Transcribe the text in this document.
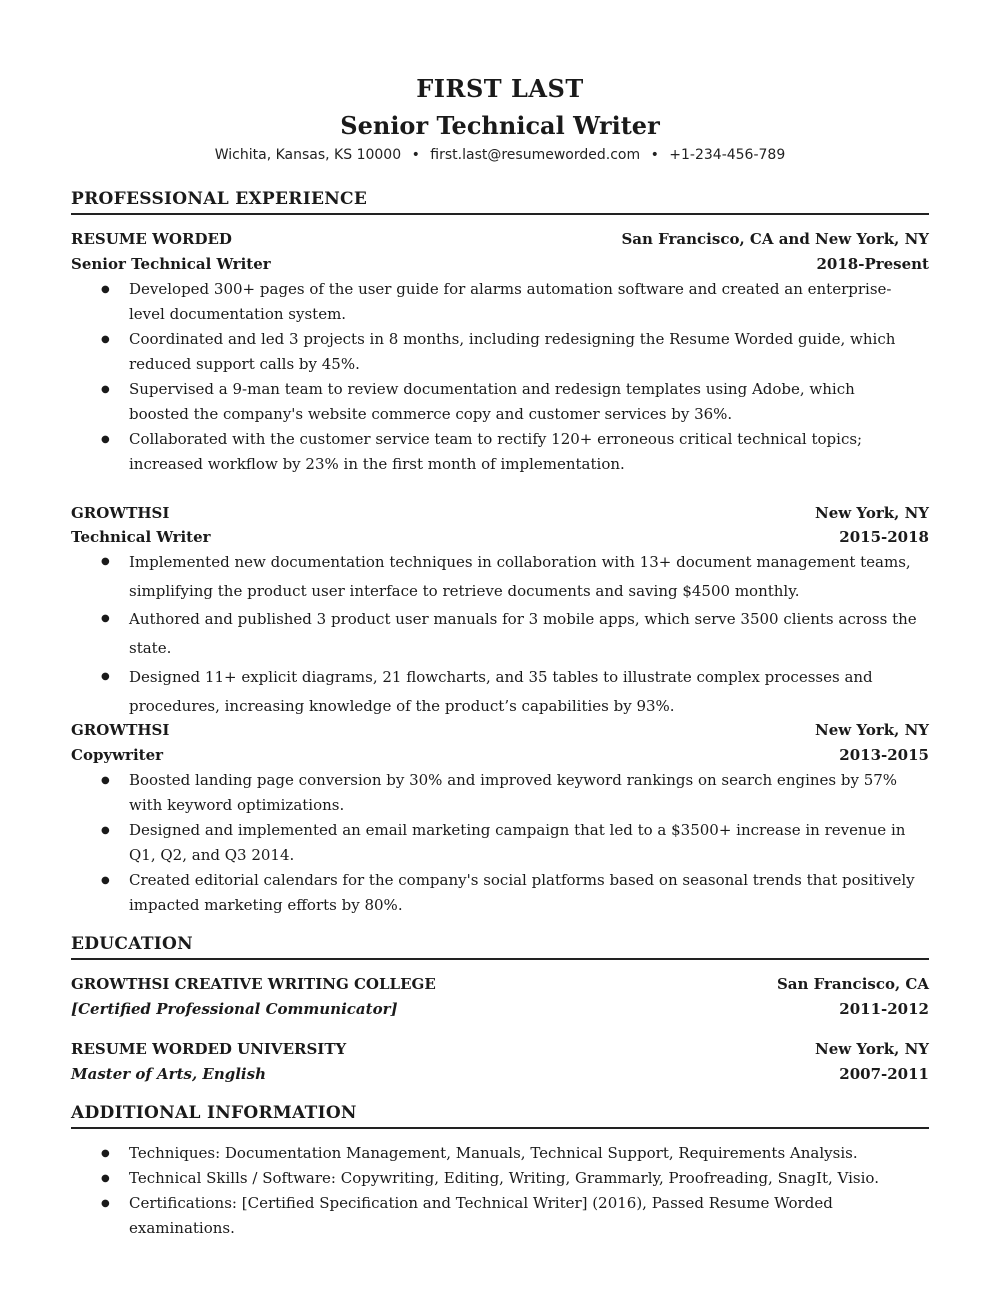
FIRST LAST
Senior Technical Writer
Wichita, Kansas, KS 10000 • first.last@resumeworded.com • +1-234-456-789
PROFESSIONAL EXPERIENCE
RESUME WORDED	San Francisco, CA and New York, NY
Senior Technical Writer	2018-Present
● Developed 300+ pages of the user guide for alarms automation software and created an enterprise-level documentation system.
● Coordinated and led 3 projects in 8 months, including redesigning the Resume Worded guide, which reduced support calls by 45%.
● Supervised a 9-man team to review documentation and redesign templates using Adobe, which boosted the company's website commerce copy and customer services by 36%.
● Collaborated with the customer service team to rectify 120+ erroneous critical technical topics; increased workflow by 23% in the first month of implementation.
GROWTHSI	New York, NY
Technical Writer	2015-2018
● Implemented new documentation techniques in collaboration with 13+ document management teams, simplifying the product user interface to retrieve documents and saving $4500 monthly.
● Authored and published 3 product user manuals for 3 mobile apps, which serve 3500 clients across the state.
● Designed 11+ explicit diagrams, 21 flowcharts, and 35 tables to illustrate complex processes and procedures, increasing knowledge of the product’s capabilities by 93%.
GROWTHSI	New York, NY
Copywriter	2013-2015
● Boosted landing page conversion by 30% and improved keyword rankings on search engines by 57% with keyword optimizations.
● Designed and implemented an email marketing campaign that led to a $3500+ increase in revenue in Q1, Q2, and Q3 2014.
● Created editorial calendars for the company's social platforms based on seasonal trends that positively impacted marketing efforts by 80%.
EDUCATION
GROWTHSI CREATIVE WRITING COLLEGE	San Francisco, CA
[Certified Professional Communicator]	2011-2012
RESUME WORDED UNIVERSITY	New York, NY
Master of Arts, English	2007-2011
ADDITIONAL INFORMATION
● Techniques: Documentation Management, Manuals, Technical Support, Requirements Analysis.
● Technical Skills / Software: Copywriting, Editing, Writing, Grammarly, Proofreading, SnagIt, Visio.
● Certifications: [Certified Specification and Technical Writer] (2016), Passed Resume Worded examinations.
